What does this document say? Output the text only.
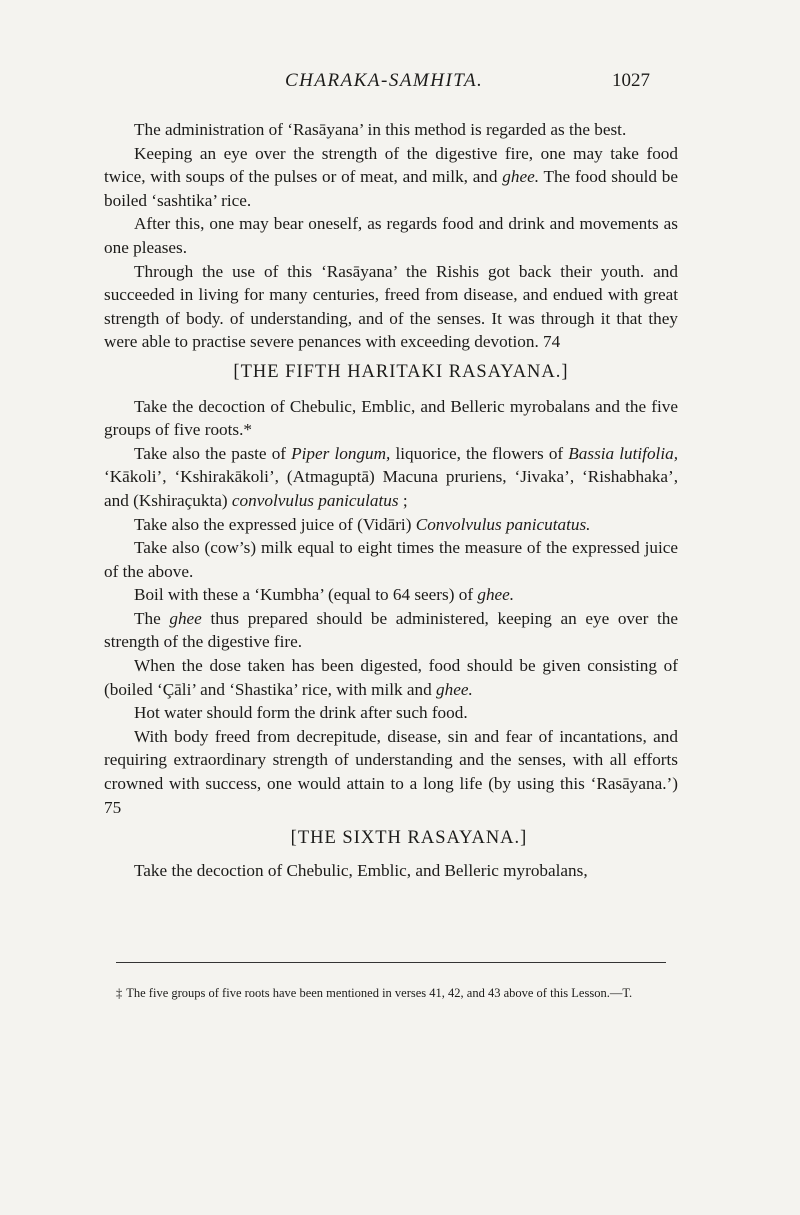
CHARAKA-SAMHITA.	1027

The administration of ‘Rasāyana’ in this method is regarded as the best.

Keeping an eye over the strength of the digestive fire, one may take food twice, with soups of the pulses or of meat, and milk, and ghee. The food should be boiled ‘sashtika’ rice.

After this, one may bear oneself, as regards food and drink and movements as one pleases.

Through the use of this ‘Rasāyana’ the Rishis got back their youth. and succeeded in living for many centuries, freed from disease, and endued with great strength of body. of understanding, and of the senses. It was through it that they were able to practise severe penances with exceeding devotion. 74

[THE FIFTH HARITAKI RASAYANA.]

Take the decoction of Chebulic, Emblic, and Belleric myrobalans and the five groups of five roots.*

Take also the paste of Piper longum, liquorice, the flowers of Bassia lutifolia, ‘Kākoli’, ‘Kshirakākoli’, (Atmaguptā) Macuna pruriens, ‘Jivaka’, ‘Rishabhaka’, and (Kshiraçukta) convolvulus paniculatus ;

Take also the expressed juice of (Vidāri) Convolvulus panicutatus.

Take also (cow’s) milk equal to eight times the measure of the expressed juice of the above.

Boil with these a ‘Kumbha’ (equal to 64 seers) of ghee.

The ghee thus prepared should be administered, keeping an eye over the strength of the digestive fire.

When the dose taken has been digested, food should be given consisting of (boiled ‘Çāli’ and ‘Shastika’ rice, with milk and ghee.

Hot water should form the drink after such food.

With body freed from decrepitude, disease, sin and fear of incantations, and requiring extraordinary strength of understanding and the senses, with all efforts crowned with success, one would attain to a long life (by using this ‘Rasāyana.’) 75

[THE SIXTH RASAYANA.]

Take the decoction of Chebulic, Emblic, and Belleric myrobalans,

‡ The five groups of five roots have been mentioned in verses 41, 42, and 43 above of this Lesson.—T.
